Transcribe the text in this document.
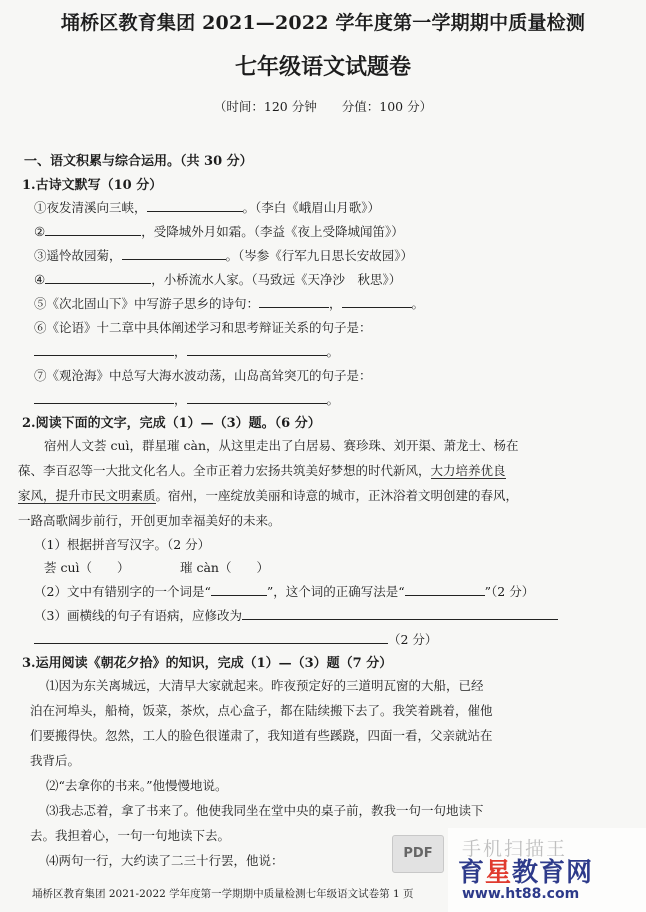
埇桥区教育集团 2021—2022 学年度第一学期期中质量检测
七年级语文试题卷
（时间：120 分钟　　分值：100 分）
一、语文积累与综合运用。（共 30 分）
1.古诗文默写（10 分）
①夜发清溪向三峡，	。（李白《峨眉山月歌》）
②	，受降城外月如霜。（李益《夜上受降城闻笛》）
③遥怜故园菊，	。（岑参《行军九日思长安故园》）
④	，小桥流水人家。（马致远《天净沙　秋思》）
⑤《次北固山下》中写游子思乡的诗句：	，	。
⑥《论语》十二章中具体阐述学习和思考辩证关系的句子是：
，	。
⑦《观沧海》中总写大海水波动荡，山岛高耸突兀的句子是：
，	。
2.阅读下面的文字，完成（1）—（3）题。（6 分）
宿州人文荟 cuì，群星璀 càn，从这里走出了白居易、赛珍珠、刘开渠、萧龙士、杨在
葆、李百忍等一大批文化名人。全市正着力宏扬共筑美好梦想的时代新风，大力培养优良
家风，提升市民文明素质。宿州，一座绽放美丽和诗意的城市，正沐浴着文明创建的春风，
一路高歌阔步前行，开创更加幸福美好的未来。
（1）根据拼音写汉字。（2 分）
荟 cuì（　　）	璀 càn（　　）
（2）文中有错别字的一个词是“	”，这个词的正确写法是“	”（2 分）
（3）画横线的句子有语病，应修改为
（2 分）
3.运用阅读《朝花夕拾》的知识，完成（1）—（3）题（7 分）
⑴因为东关离城远，大清早大家就起来。昨夜预定好的三道明瓦窗的大船，已经
泊在河埠头，船椅，饭菜，茶炊，点心盒子，都在陆续搬下去了。我笑着跳着，催他
们要搬得快。忽然，工人的脸色很谨肃了，我知道有些蹊跷，四面一看，父亲就站在
我背后。
⑵“去拿你的书来。”他慢慢地说。
⑶我忐忑着，拿了书来了。他使我同坐在堂中央的桌子前，教我一句一句地读下
去。我担着心，一句一句地读下去。
⑷两句一行，大约读了二三十行罢，他说：
埇桥区教育集团 2021-2022 学年度第一学期期中质量检测七年级语文试卷第 1 页
PDF	手机扫描王
育星教育网
www.ht88.com
